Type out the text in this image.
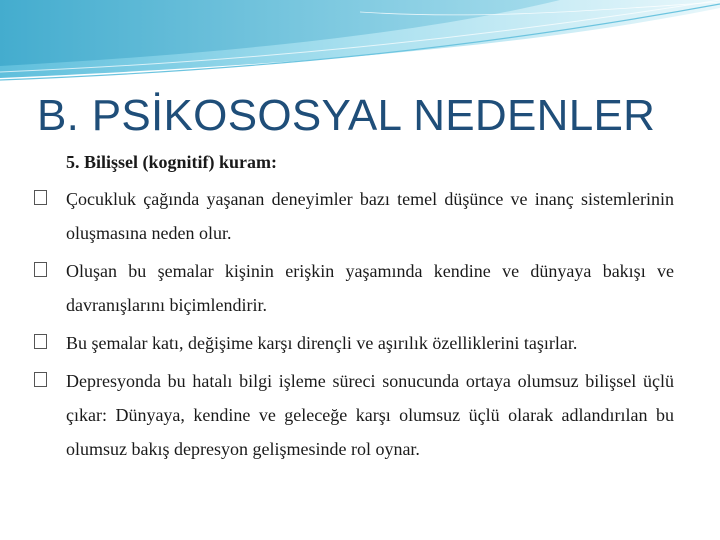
B. PSİKOSOSYAL NEDENLER
5. Bilişsel (kognitif) kuram:
Çocukluk çağında yaşanan deneyimler bazı temel düşünce ve inanç sistemlerinin oluşmasına neden olur.
Oluşan bu şemalar kişinin erişkin yaşamında kendine ve dünyaya bakışı ve davranışlarını biçimlendirir.
Bu şemalar katı, değişime karşı dirençli ve aşırılık özelliklerini taşırlar.
Depresyonda bu hatalı bilgi işleme süreci sonucunda ortaya olumsuz bilişsel üçlü çıkar: Dünyaya, kendine ve geleceğe karşı olumsuz üçlü olarak adlandırılan bu olumsuz bakış depresyon gelişmesinde rol oynar.
